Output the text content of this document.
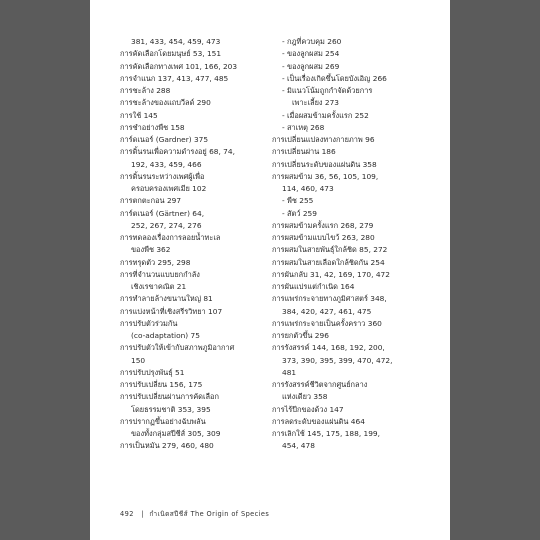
381, 433, 454, 459, 473
การคัดเลือกโดยมนุษย์ 53, 151
การคัดเลือกทางเพศ 101, 166, 203
การจำแนก 137, 413, 477, 485
การชะล้าง 288
การชะล้างของแถบวีลด์ 290
การใช้ 145
การชำอย่างพืช 158
การ์ดเนอร์ (Gardner) 375
การดิ้นรนเพื่อความดำรงอยู่ 68, 74,
192, 433, 459, 466
การดิ้นรนระหว่างเพศผู้เพื่อ
ครอบครองเพศเมีย 102
การตกตะกอน 297
การ์ตเนอร์ (Gärtner) 64,
252, 267, 274, 276
การทดลองเรื่องการลอยน้ำทะเล
ของพืช 362
การทรุดตัว 295, 298
การที่จำนวนแบบยกกำลัง
เชิงเรขาคณิต 21
การทำลายล้างขนานใหญ่ 81
การแบ่งหน้าที่เชิงสรีรวิทยา 107
การปรับตัวร่วมกัน
(co-adaptation) 75
การปรับตัวให้เข้ากับสภาพภูมิอากาศ
150
การปรับปรุงพันธุ์ 51
การปรับเปลี่ยน 156, 175
การปรับเปลี่ยนผ่านการคัดเลือก
โดยธรรมชาติ 353, 395
การปรากฏขึ้นอย่างฉับพลัน
ของทั้งกลุ่มสปีชีส์ 305, 309
การเป็นหมัน 279, 460, 480
- กฎที่ควบคุม 260
- ของลูกผสม 254
- ของลูกผสม 269
- เป็นเรื่องเกิดขึ้นโดยบังเอิญ 266
- มิแนวโน้มถูกกำจัดด้วยการ
เพาะเลี้ยง 273
- เมื่อผสมข้ามครั้งแรก 252
- สาเหตุ 268
การเปลี่ยนแปลงทางกายภาพ 96
การเปลี่ยนผ่าน 186
การเปลี่ยนระดับของแผ่นดิน 358
การผสมข้าม 36, 56, 105, 109,
114, 460, 473
- พืช 255
- สัตว์ 259
การผสมข้ามครั้งแรก 268, 279
การผสมข้ามแบบไขว้ 263, 280
การผสมในสายพันธุ์ใกล้ชิด 85, 272
การผสมในสายเลือดใกล้ชิดกัน 254
การผันกลับ 31, 42, 169, 170, 472
การผันแปรแต่กำเนิด 164
การแพร่กระจายทางภูมิศาสตร์ 348,
384, 420, 427, 461, 475
การแพร่กระจายเป็นครั้งคราว 360
การยกตัวขึ้น 296
การรังสรรค์ 144, 168, 192, 200,
373, 390, 395, 399, 470, 472,
481
การรังสรรค์ชีวิตจากศูนย์กลาง
แห่งเดียว 358
การไร้ปีกของด้วง 147
การลดระดับของแผ่นดิน 464
การเลิกใช้ 145, 175, 188, 199,
454, 478
492 | กำเนิดสปีชีส์ The Origin of Species
